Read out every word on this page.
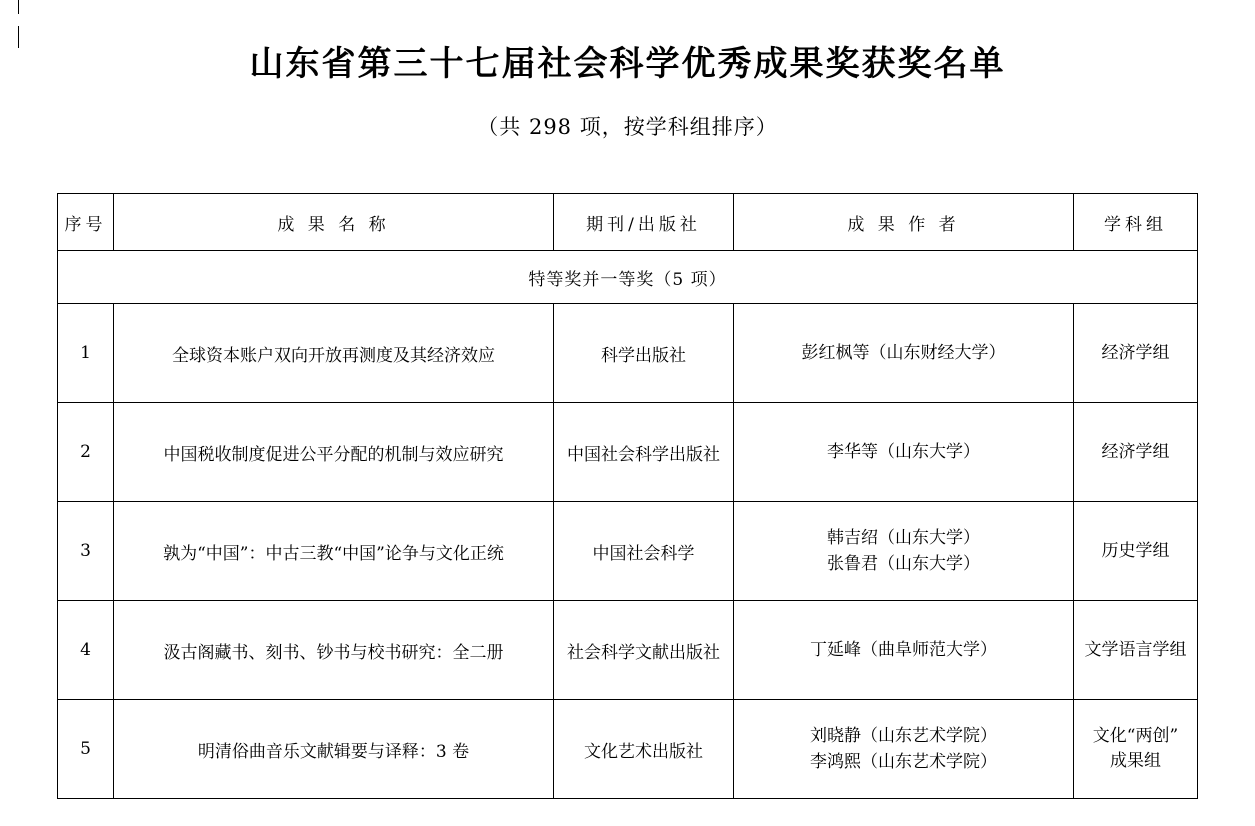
山东省第三十七届社会科学优秀成果奖获奖名单
（共 298 项，按学科组排序）
序号	成 果 名 称	期刊/出版社	成 果 作 者	学科组
特等奖并一等奖（5 项）				
1	全球资本账户双向开放再测度及其经济效应	科学出版社	彭红枫等（山东财经大学）	经济学组

2	中国税收制度促进公平分配的机制与效应研究	中国社会科学出版社	李华等（山东大学）	经济学组

3	孰为“中国”：中古三教“中国”论争与文化正统	中国社会科学	韩吉绍（山东大学）
张鲁君（山东大学）	历史学组

4	汲古阁藏书、刻书、钞书与校书研究：全二册	社会科学文献出版社	丁延峰（曲阜师范大学）	文学语言学组

5	明清俗曲音乐文献辑要与译释：3 卷	文化艺术出版社	刘晓静（山东艺术学院）
李鸿熙（山东艺术学院）	文化“两创”
成果组
